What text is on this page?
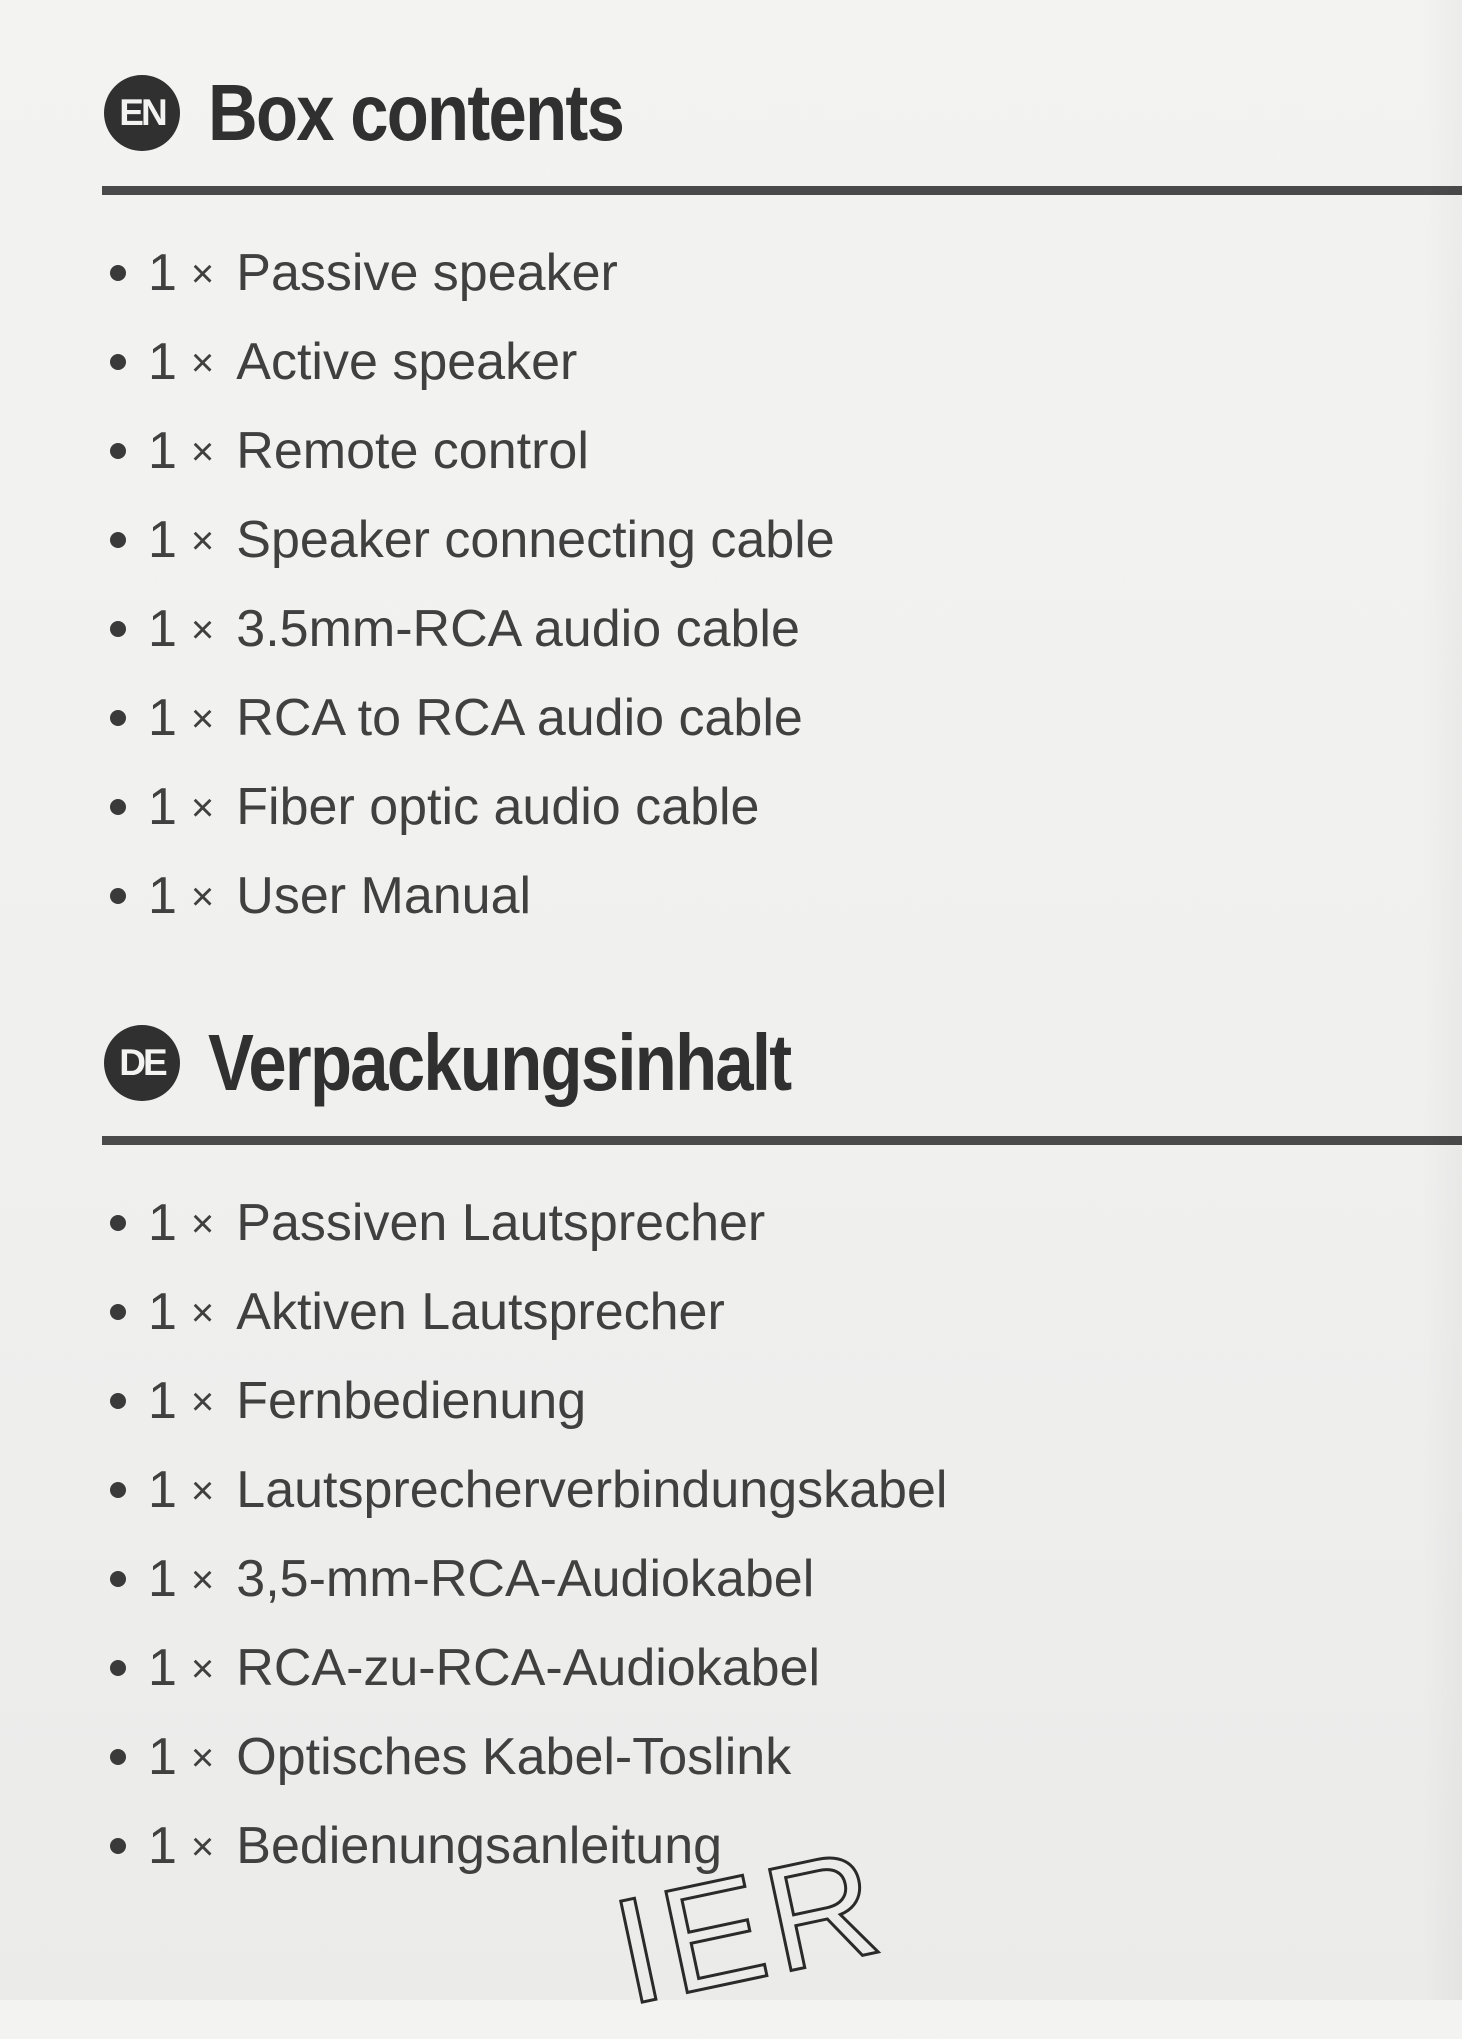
EN Box contents
1 × Passive speaker
1 × Active speaker
1 × Remote control
1 × Speaker connecting cable
1 × 3.5mm-RCA audio cable
1 × RCA to RCA audio cable
1 × Fiber optic audio cable
1 × User Manual
DE Verpackungsinhalt
1 × Passiven Lautsprecher
1 × Aktiven Lautsprecher
1 × Fernbedienung
1 × Lautsprecherverbindungskabel
1 × 3,5-mm-RCA-Audiokabel
1 × RCA-zu-RCA-Audiokabel
1 × Optisches Kabel-Toslink
1 × Bedienungsanleitung
IER
